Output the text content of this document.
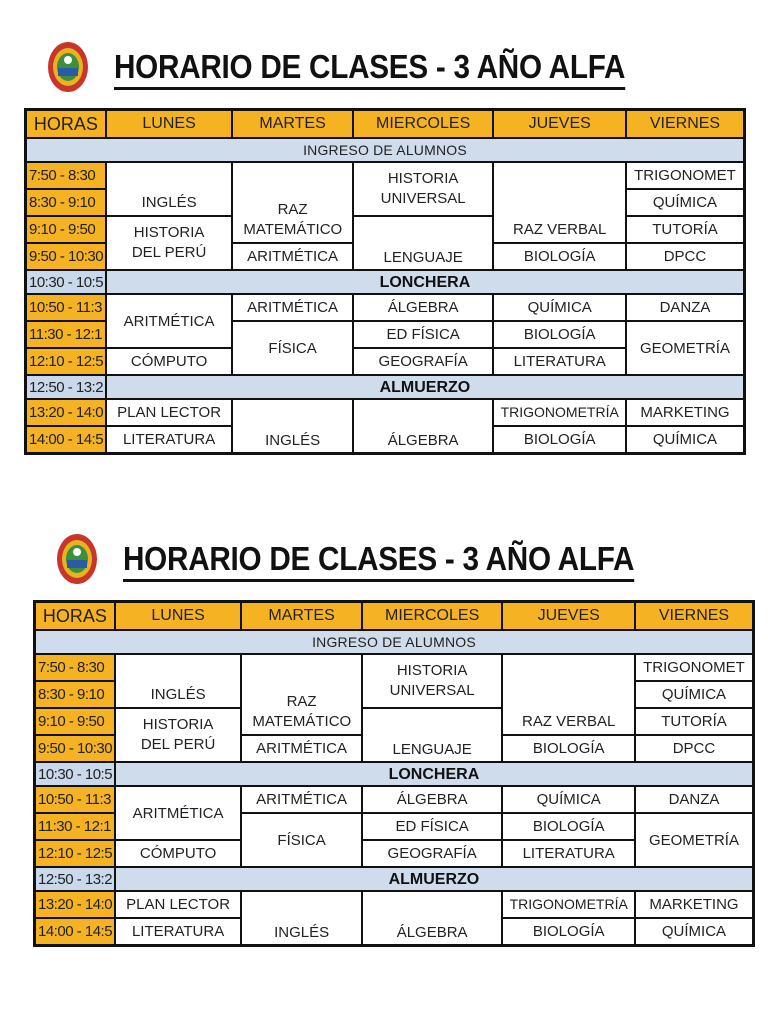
HORARIO DE CLASES - 3 AÑO ALFA
HORAS	LUNES	MARTES	MIERCOLES	JUEVES	VIERNES
INGRESO DE ALUMNOS					
7:50 - 8:30	INGLÉS	RAZ MATEMÁTICO	HISTORIA UNIVERSAL	RAZ VERBAL	TRIGONOMET
8:30 - 9:10					QUÍMICA
9:10 - 9:50	HISTORIA DEL PERÚ		LENGUAJE		TUTORÍA
9:50 - 10:30		ARITMÉTICA		BIOLOGÍA	DPCC
10:30 - 10:5	LONCHERA				
10:50 - 11:3	ARITMÉTICA	ARITMÉTICA	ÁLGEBRA	QUÍMICA	DANZA
11:30 - 12:1		FÍSICA	ED FÍSICA	BIOLOGÍA	GEOMETRÍA
12:10 - 12:5	CÓMPUTO		GEOGRAFÍA	LITERATURA	
12:50 - 13:2	ALMUERZO				
13:20 - 14:0	PLAN LECTOR	INGLÉS	ÁLGEBRA	TRIGONOMETRÍA	MARKETING
14:00 - 14:5	LITERATURA			BIOLOGÍA	QUÍMICA
HORARIO DE CLASES - 3 AÑO ALFA
HORAS	LUNES	MARTES	MIERCOLES	JUEVES	VIERNES
INGRESO DE ALUMNOS					
7:50 - 8:30	INGLÉS	RAZ MATEMÁTICO	HISTORIA UNIVERSAL	RAZ VERBAL	TRIGONOMET
8:30 - 9:10					QUÍMICA
9:10 - 9:50	HISTORIA DEL PERÚ		LENGUAJE		TUTORÍA
9:50 - 10:30		ARITMÉTICA		BIOLOGÍA	DPCC
10:30 - 10:5	LONCHERA				
10:50 - 11:3	ARITMÉTICA	ARITMÉTICA	ÁLGEBRA	QUÍMICA	DANZA
11:30 - 12:1		FÍSICA	ED FÍSICA	BIOLOGÍA	GEOMETRÍA
12:10 - 12:5	CÓMPUTO		GEOGRAFÍA	LITERATURA	
12:50 - 13:2	ALMUERZO				
13:20 - 14:0	PLAN LECTOR	INGLÉS	ÁLGEBRA	TRIGONOMETRÍA	MARKETING
14:00 - 14:5	LITERATURA			BIOLOGÍA	QUÍMICA
